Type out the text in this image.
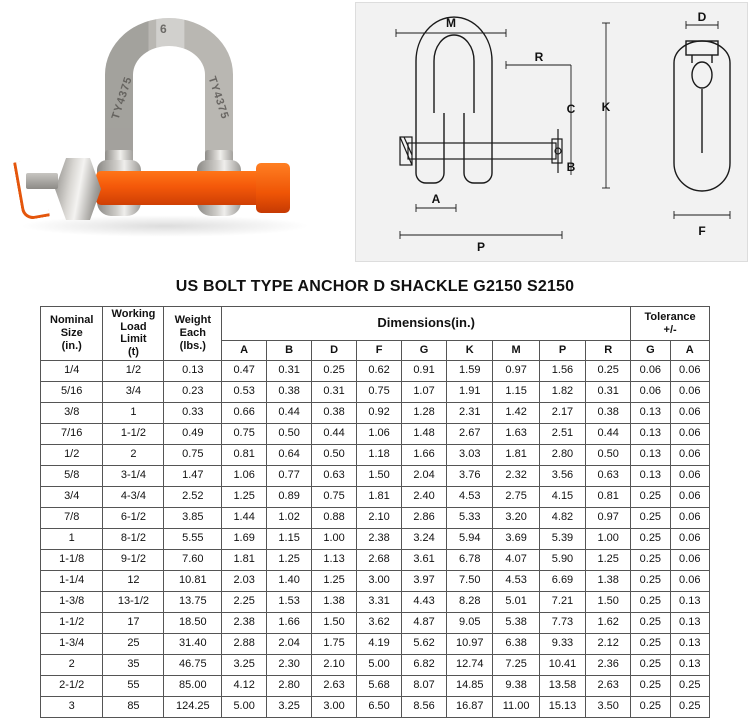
6
TY4375	TY4375
M
R
C K
B
A
P
D
F
US BOLT TYPE ANCHOR D SHACKLE G2150 S2150
Nominal
Size
(in.)

Working
Load
Limit
(t)

Weight
Each
(lbs.)
	Dimensions(in.)	Tolerance
+/-

			A	B	D	F	G	K	M	P	R	G	A
1/4	1/2	0.13	0.47	0.31	0.25	0.62	0.91	1.59	0.97	1.56	0.25	0.06	0.06
5/16	3/4	0.23	0.53	0.38	0.31	0.75	1.07	1.91	1.15	1.82	0.31	0.06	0.06
3/8	1	0.33	0.66	0.44	0.38	0.92	1.28	2.31	1.42	2.17	0.38	0.13	0.06
7/16	1-1/2	0.49	0.75	0.50	0.44	1.06	1.48	2.67	1.63	2.51	0.44	0.13	0.06
1/2	2	0.75	0.81	0.64	0.50	1.18	1.66	3.03	1.81	2.80	0.50	0.13	0.06
5/8	3-1/4	1.47	1.06	0.77	0.63	1.50	2.04	3.76	2.32	3.56	0.63	0.13	0.06
3/4	4-3/4	2.52	1.25	0.89	0.75	1.81	2.40	4.53	2.75	4.15	0.81	0.25	0.06
7/8	6-1/2	3.85	1.44	1.02	0.88	2.10	2.86	5.33	3.20	4.82	0.97	0.25	0.06
1	8-1/2	5.55	1.69	1.15	1.00	2.38	3.24	5.94	3.69	5.39	1.00	0.25	0.06
1-1/8	9-1/2	7.60	1.81	1.25	1.13	2.68	3.61	6.78	4.07	5.90	1.25	0.25	0.06
1-1/4	12	10.81	2.03	1.40	1.25	3.00	3.97	7.50	4.53	6.69	1.38	0.25	0.06
1-3/8	13-1/2	13.75	2.25	1.53	1.38	3.31	4.43	8.28	5.01	7.21	1.50	0.25	0.13
1-1/2	17	18.50	2.38	1.66	1.50	3.62	4.87	9.05	5.38	7.73	1.62	0.25	0.13
1-3/4	25	31.40	2.88	2.04	1.75	4.19	5.62	10.97	6.38	9.33	2.12	0.25	0.13
2	35	46.75	3.25	2.30	2.10	5.00	6.82	12.74	7.25	10.41	2.36	0.25	0.13
2-1/2	55	85.00	4.12	2.80	2.63	5.68	8.07	14.85	9.38	13.58	2.63	0.25	0.25
3	85	124.25	5.00	3.25	3.00	6.50	8.56	16.87	11.00	15.13	3.50	0.25	0.25
